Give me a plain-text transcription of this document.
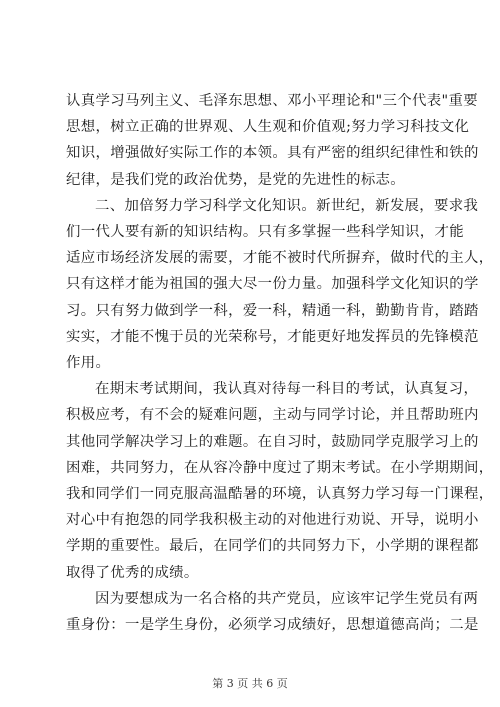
认真学习马列主义、毛泽东思想、邓小平理论和"三个代表"重要
思想，树立正确的世界观、人生观和价值观;努力学习科技文化
知识，增强做好实际工作的本领。具有严密的组织纪律性和铁的
纪律，是我们党的政治优势，是党的先进性的标志。
二、加倍努力学习科学文化知识。新世纪，新发展，要求我
们一代人要有新的知识结构。只有多掌握一些科学知识，才能
适应市场经济发展的需要，才能不被时代所摒弃，做时代的主人，
只有这样才能为祖国的强大尽一份力量。加强科学文化知识的学
习。只有努力做到学一科，爱一科，精通一科，勤勤肯肯，踏踏
实实，才能不愧于员的光荣称号，才能更好地发挥员的先锋模范
作用。
在期末考试期间，我认真对待每一科目的考试，认真复习，
积极应考，有不会的疑难问题，主动与同学讨论，并且帮助班内
其他同学解决学习上的难题。在自习时，鼓励同学克服学习上的
困难，共同努力，在从容冷静中度过了期末考试。在小学期期间，
我和同学们一同克服高温酷暑的环境，认真努力学习每一门课程，
对心中有抱怨的同学我积极主动的对他进行劝说、开导，说明小
学期的重要性。最后，在同学们的共同努力下，小学期的课程都
取得了优秀的成绩。
因为要想成为一名合格的共产党员，应该牢记学生党员有两
重身份：一是学生身份，必须学习成绩好，思想道德高尚；二是
第 3 页 共 6 页
